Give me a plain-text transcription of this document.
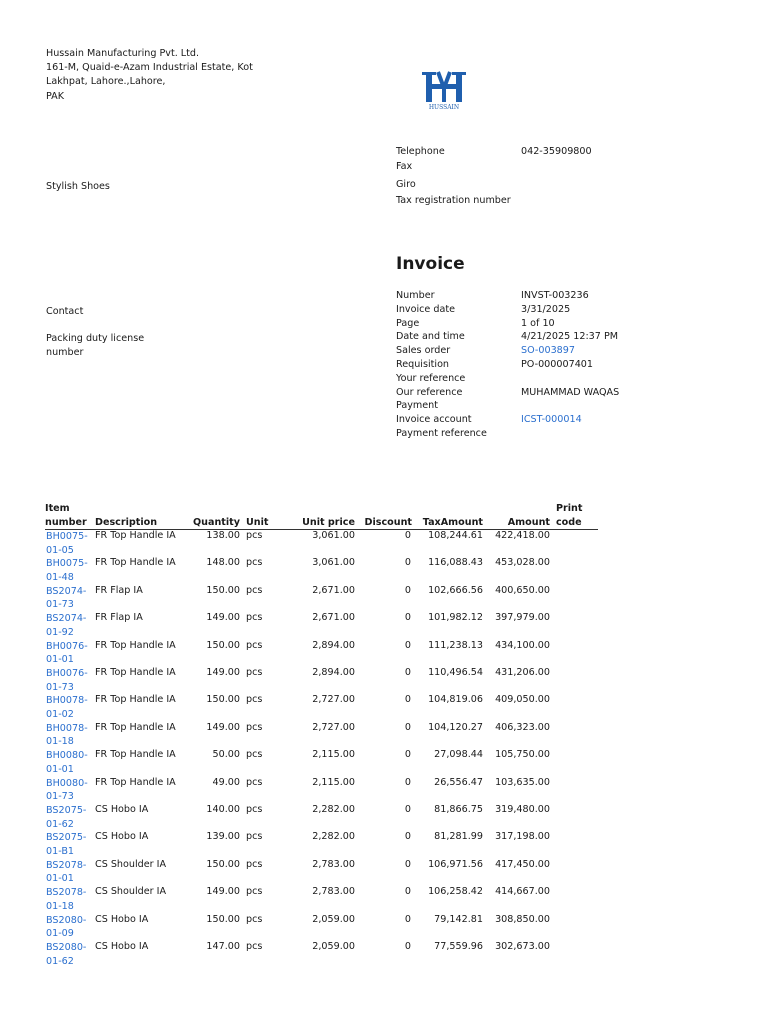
Hussain Manufacturing Pvt. Ltd.
161-M, Quaid-e-Azam Industrial Estate, Kot
Lakhpat, Lahore.,Lahore,
PAK
HUSSAIN
Stylish Shoes
Telephone	042-35909800
Fax
Giro
Tax registration number
Invoice
Contact
Packing duty license
number
Number	INVST-003236
Invoice date	3/31/2025
Page	1 of 10
Date and time	4/21/2025 12:37 PM
Sales order	SO-003897
Requisition	PO-000007401
Your reference
Our reference	MUHAMMAD WAQAS
Payment
Invoice account	ICST-000014
Payment reference
Item
number Description	Quantity Unit	Unit price Discount TaxAmount	Amount
Print
code
BH0075-
01-05
FR Top Handle IA	138.00 pcs	3,061.00	0 108,244.61 422,418.00
BH0075-
01-48
FR Top Handle IA	148.00 pcs	3,061.00	0 116,088.43 453,028.00
BS2074-
01-73
FR Flap IA	150.00 pcs	2,671.00	0 102,666.56 400,650.00
BS2074-
01-92
FR Flap IA	149.00 pcs	2,671.00	0 101,982.12 397,979.00
BH0076-
01-01
FR Top Handle IA	150.00 pcs	2,894.00	0 111,238.13 434,100.00
BH0076-
01-73
FR Top Handle IA	149.00 pcs	2,894.00	0 110,496.54 431,206.00
BH0078-
01-02
FR Top Handle IA	150.00 pcs	2,727.00	0 104,819.06 409,050.00
BH0078-
01-18
FR Top Handle IA	149.00 pcs	2,727.00	0 104,120.27 406,323.00
BH0080-
01-01
FR Top Handle IA	50.00 pcs	2,115.00	0 27,098.44 105,750.00
BH0080-
01-73
FR Top Handle IA	49.00 pcs	2,115.00	0 26,556.47 103,635.00
BS2075-
01-62
CS Hobo IA	140.00 pcs	2,282.00	0 81,866.75 319,480.00
BS2075-
01-B1
CS Hobo IA	139.00 pcs	2,282.00	0 81,281.99 317,198.00
BS2078-
01-01
CS Shoulder IA	150.00 pcs	2,783.00	0 106,971.56 417,450.00
BS2078-
01-18
CS Shoulder IA	149.00 pcs	2,783.00	0 106,258.42 414,667.00
BS2080-
01-09
CS Hobo IA	150.00 pcs	2,059.00	0 79,142.81 308,850.00
BS2080-
01-62
CS Hobo IA	147.00 pcs	2,059.00	0 77,559.96 302,673.00
